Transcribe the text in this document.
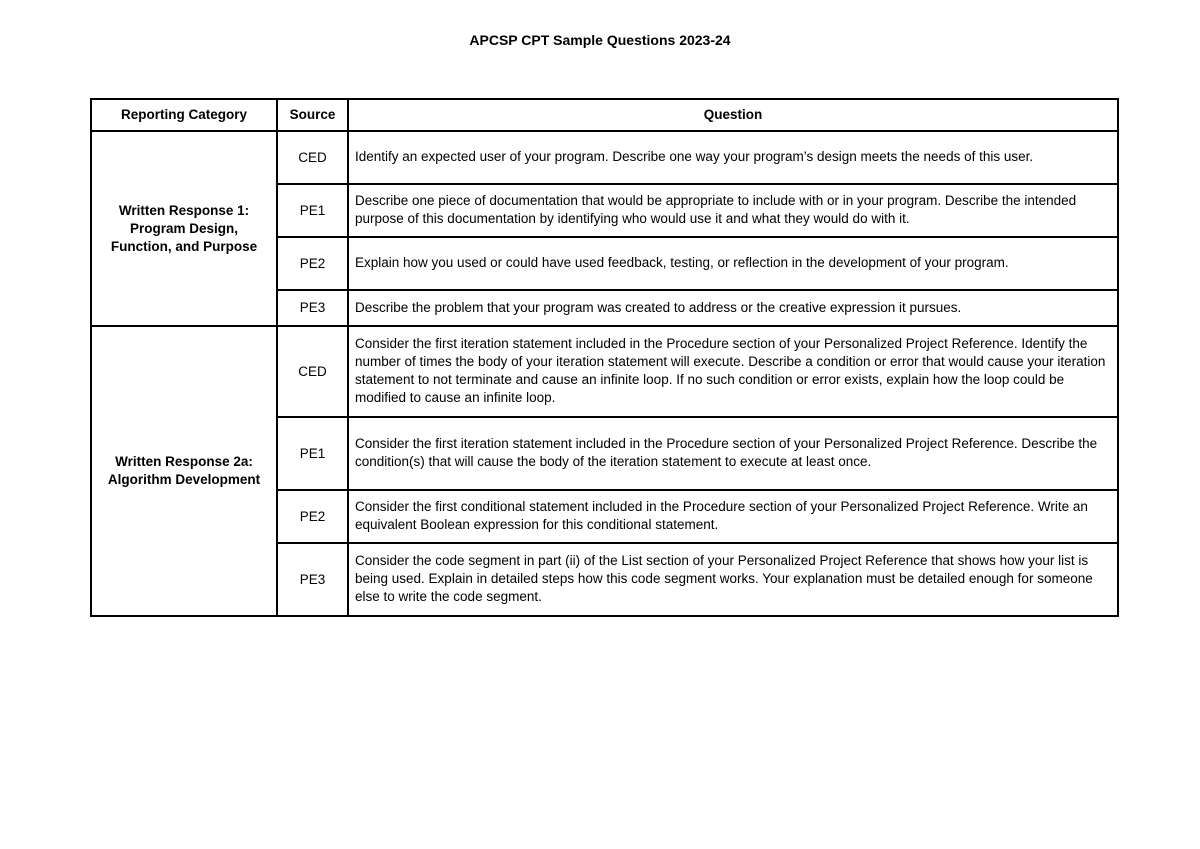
APCSP CPT Sample Questions 2023-24
Reporting Category	Source	Question
Written Response 1: Program Design, Function, and Purpose	CED	Identify an expected user of your program. Describe one way your program’s design meets the needs of this user.
	PE1	Describe one piece of documentation that would be appropriate to include with or in your program. Describe the intended purpose of this documentation by identifying who would use it and what they would do with it.
	PE2	Explain how you used or could have used feedback, testing, or reflection in the development of your program.
	PE3	Describe the problem that your program was created to address or the creative expression it pursues.
Written Response 2a: Algorithm Development	CED	Consider the first iteration statement included in the Procedure section of your Personalized Project Reference. Identify the number of times the body of your iteration statement will execute. Describe a condition or error that would cause your iteration statement to not terminate and cause an infinite loop. If no such condition or error exists, explain how the loop could be modified to cause an infinite loop.
	PE1	Consider the first iteration statement included in the Procedure section of your Personalized Project Reference. Describe the condition(s) that will cause the body of the iteration statement to execute at least once.
	PE2	Consider the first conditional statement included in the Procedure section of your Personalized Project Reference. Write an equivalent Boolean expression for this conditional statement.
	PE3	Consider the code segment in part (ii) of the List section of your Personalized Project Reference that shows how your list is being used. Explain in detailed steps how this code segment works. Your explanation must be detailed enough for someone else to write the code segment.
